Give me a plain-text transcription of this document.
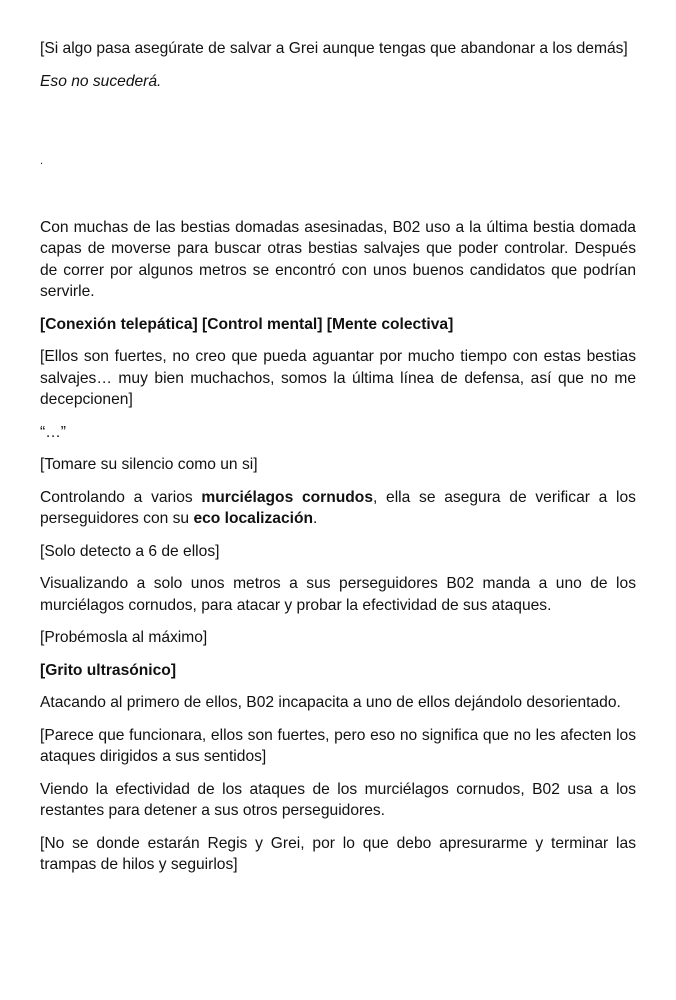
[Si algo pasa asegúrate de salvar a Grei aunque tengas que abandonar a los demás]

Eso no sucederá.

.

Con muchas de las bestias domadas asesinadas, B02 uso a la última bestia domada capas de moverse para buscar otras bestias salvajes que poder controlar. Después de correr por algunos metros se encontró con unos buenos candidatos que podrían servirle.

[Conexión telepática] [Control mental] [Mente colectiva]

[Ellos son fuertes, no creo que pueda aguantar por mucho tiempo con estas bestias salvajes… muy bien muchachos, somos la última línea de defensa, así que no me decepcionen]

“…”

[Tomare su silencio como un si]

Controlando a varios murciélagos cornudos, ella se asegura de verificar a los perseguidores con su eco localización.

[Solo detecto a 6 de ellos]

Visualizando a solo unos metros a sus perseguidores B02 manda a uno de los murciélagos cornudos, para atacar y probar la efectividad de sus ataques.

[Probémosla al máximo]

[Grito ultrasónico]

Atacando al primero de ellos, B02 incapacita a uno de ellos dejándolo desorientado.

[Parece que funcionara, ellos son fuertes, pero eso no significa que no les afecten los ataques dirigidos a sus sentidos]

Viendo la efectividad de los ataques de los murciélagos cornudos, B02 usa a los restantes para detener a sus otros perseguidores.

[No se donde estarán Regis y Grei, por lo que debo apresurarme y terminar las trampas de hilos y seguirlos]
